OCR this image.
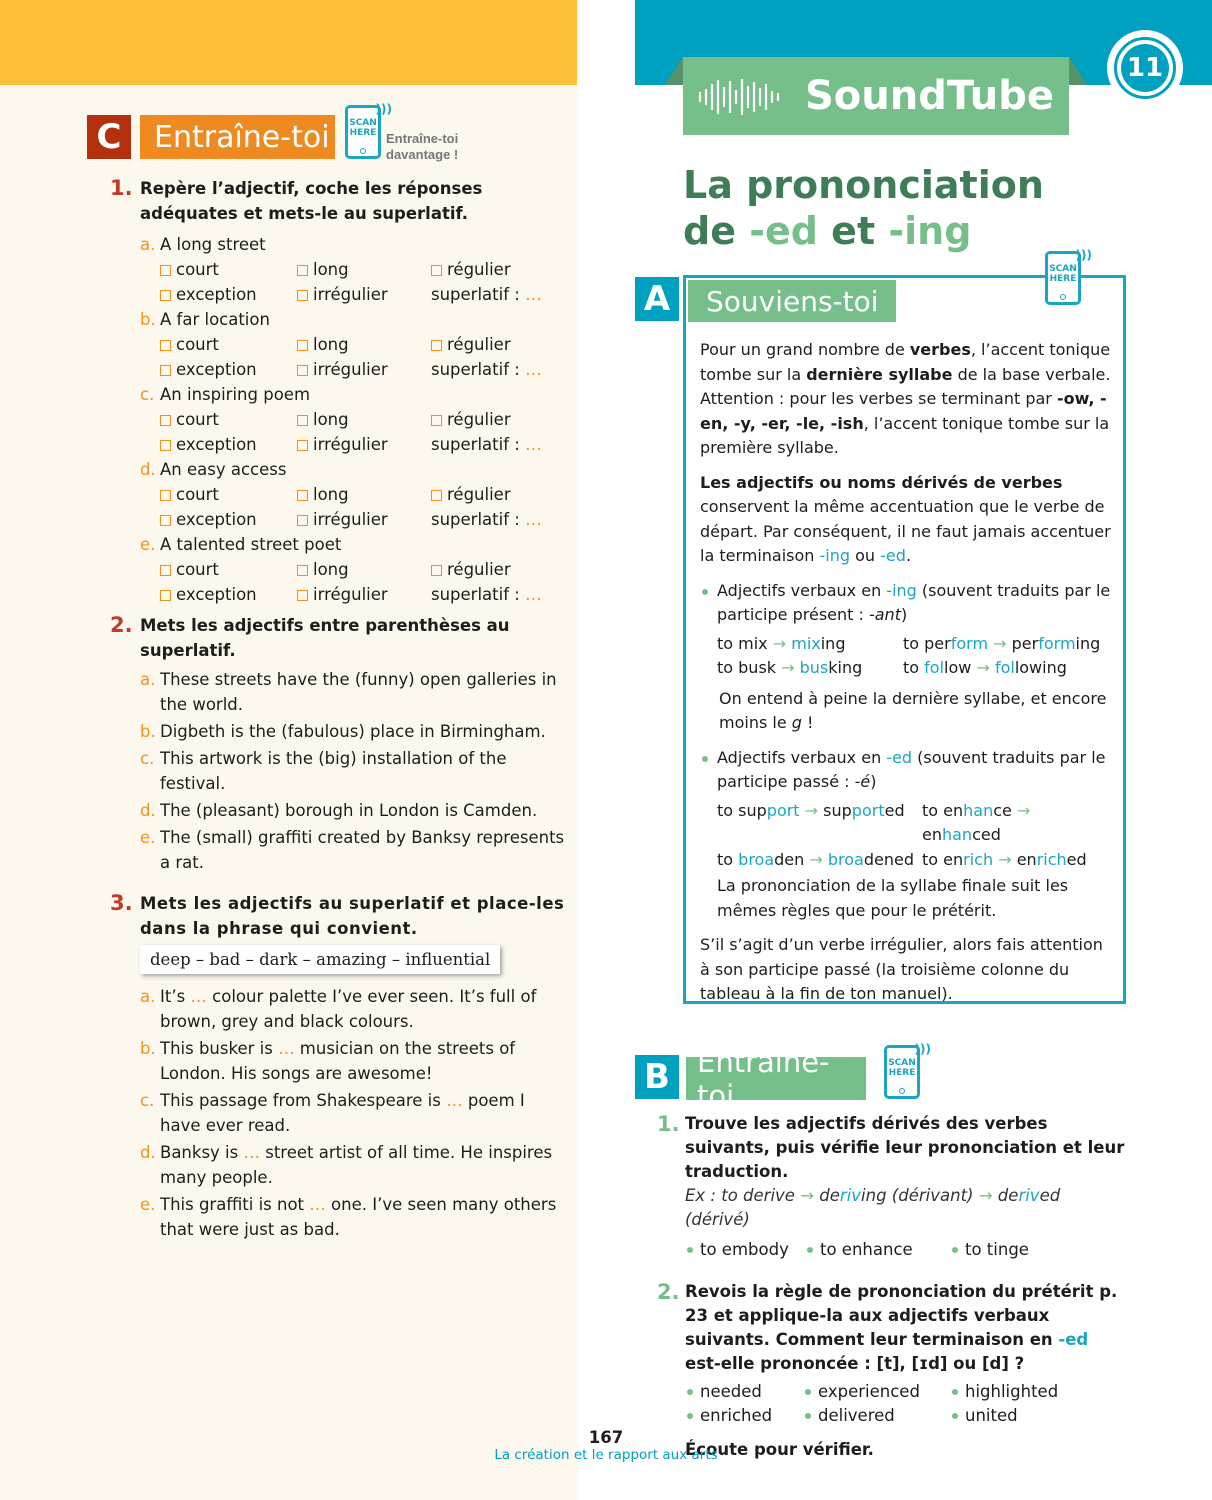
C	Entraîne-toi	SCAN
HERE
)))
Entraîne-toi
davantage !
1. Repère l’adjectif, coche les réponses adéquates et mets-le au superlatif.
a. A long street
court	long	régulier
exception	irrégulier	superlatif : …
b. A far location
court	long	régulier
exception	irrégulier	superlatif : …
c. An inspiring poem
court	long	régulier
exception	irrégulier	superlatif : …
d. An easy access
court	long	régulier
exception	irrégulier	superlatif : …
e. A talented street poet
court	long	régulier
exception	irrégulier	superlatif : …
2. Mets les adjectifs entre parenthèses au superlatif.
a. These streets have the (funny) open galleries in the world.
b. Digbeth is the (fabulous) place in Birmingham.
c. This artwork is the (big) installation of the festival.
d. The (pleasant) borough in London is Camden.
e. The (small) graffiti created by Banksy represents a rat.
3. Mets les adjectifs au superlatif et place-les dans la phrase qui convient.
deep – bad – dark – amazing – influential
a. It’s … colour palette I’ve ever seen. It’s full of brown, grey and black colours.
b. This busker is … musician on the streets of London. His songs are awesome!
c. This passage from Shakespeare is … poem I have ever read.
d. Banksy is … street artist of all time. He inspires many people.
e. This graffiti is not … one. I’ve seen many others that were just as bad.
SoundTube
11
La prononciation
de -ed et -ing
A	Souviens-toi
SCAN
HERE
)))

Pour un grand nombre de verbes, l’accent tonique tombe sur la dernière syllabe de la base verbale. Attention : pour les verbes se terminant par -ow, -en, -y, -er, -le, -ish, l’accent tonique tombe sur la première syllabe.

Les adjectifs ou noms dérivés de verbes conservent la même accentuation que le verbe de départ. Par conséquent, il ne faut jamais accentuer la terminaison -ing ou -ed.

Adjectifs verbaux en -ing (souvent traduits par le participe présent : -ant)
to mix → mixing	to perform → performing
to busk → busking	to follow → following

On entend à peine la dernière syllabe, et encore moins le g !

Adjectifs verbaux en -ed (souvent traduits par le participe passé : -é)
to support → supported	to enhance → enhanced
to broaden → broadened to enrich → enriched

La prononciation de la syllabe finale suit les mêmes règles que pour le prétérit.

S’il s’agit d’un verbe irrégulier, alors fais attention à son participe passé (la troisième colonne du tableau à la fin de ton manuel).

B Entraîne-toi
SCAN
HERE
)))
1. Trouve les adjectifs dérivés des verbes suivants, puis vérifie leur prononciation et leur traduction.
Ex : to derive → deriving (dérivant) → derived (dérivé)
to embody	to enhance	to tinge
2. Revois la règle de prononciation du prétérit p. 23 et applique-la aux adjectifs verbaux suivants. Comment leur terminaison en -ed est-elle prononcée : [t], [ɪd] ou [d] ?
needed	experienced	highlighted
enriched	delivered	united
Écoute pour vérifier.
167
La création et le rapport aux arts
